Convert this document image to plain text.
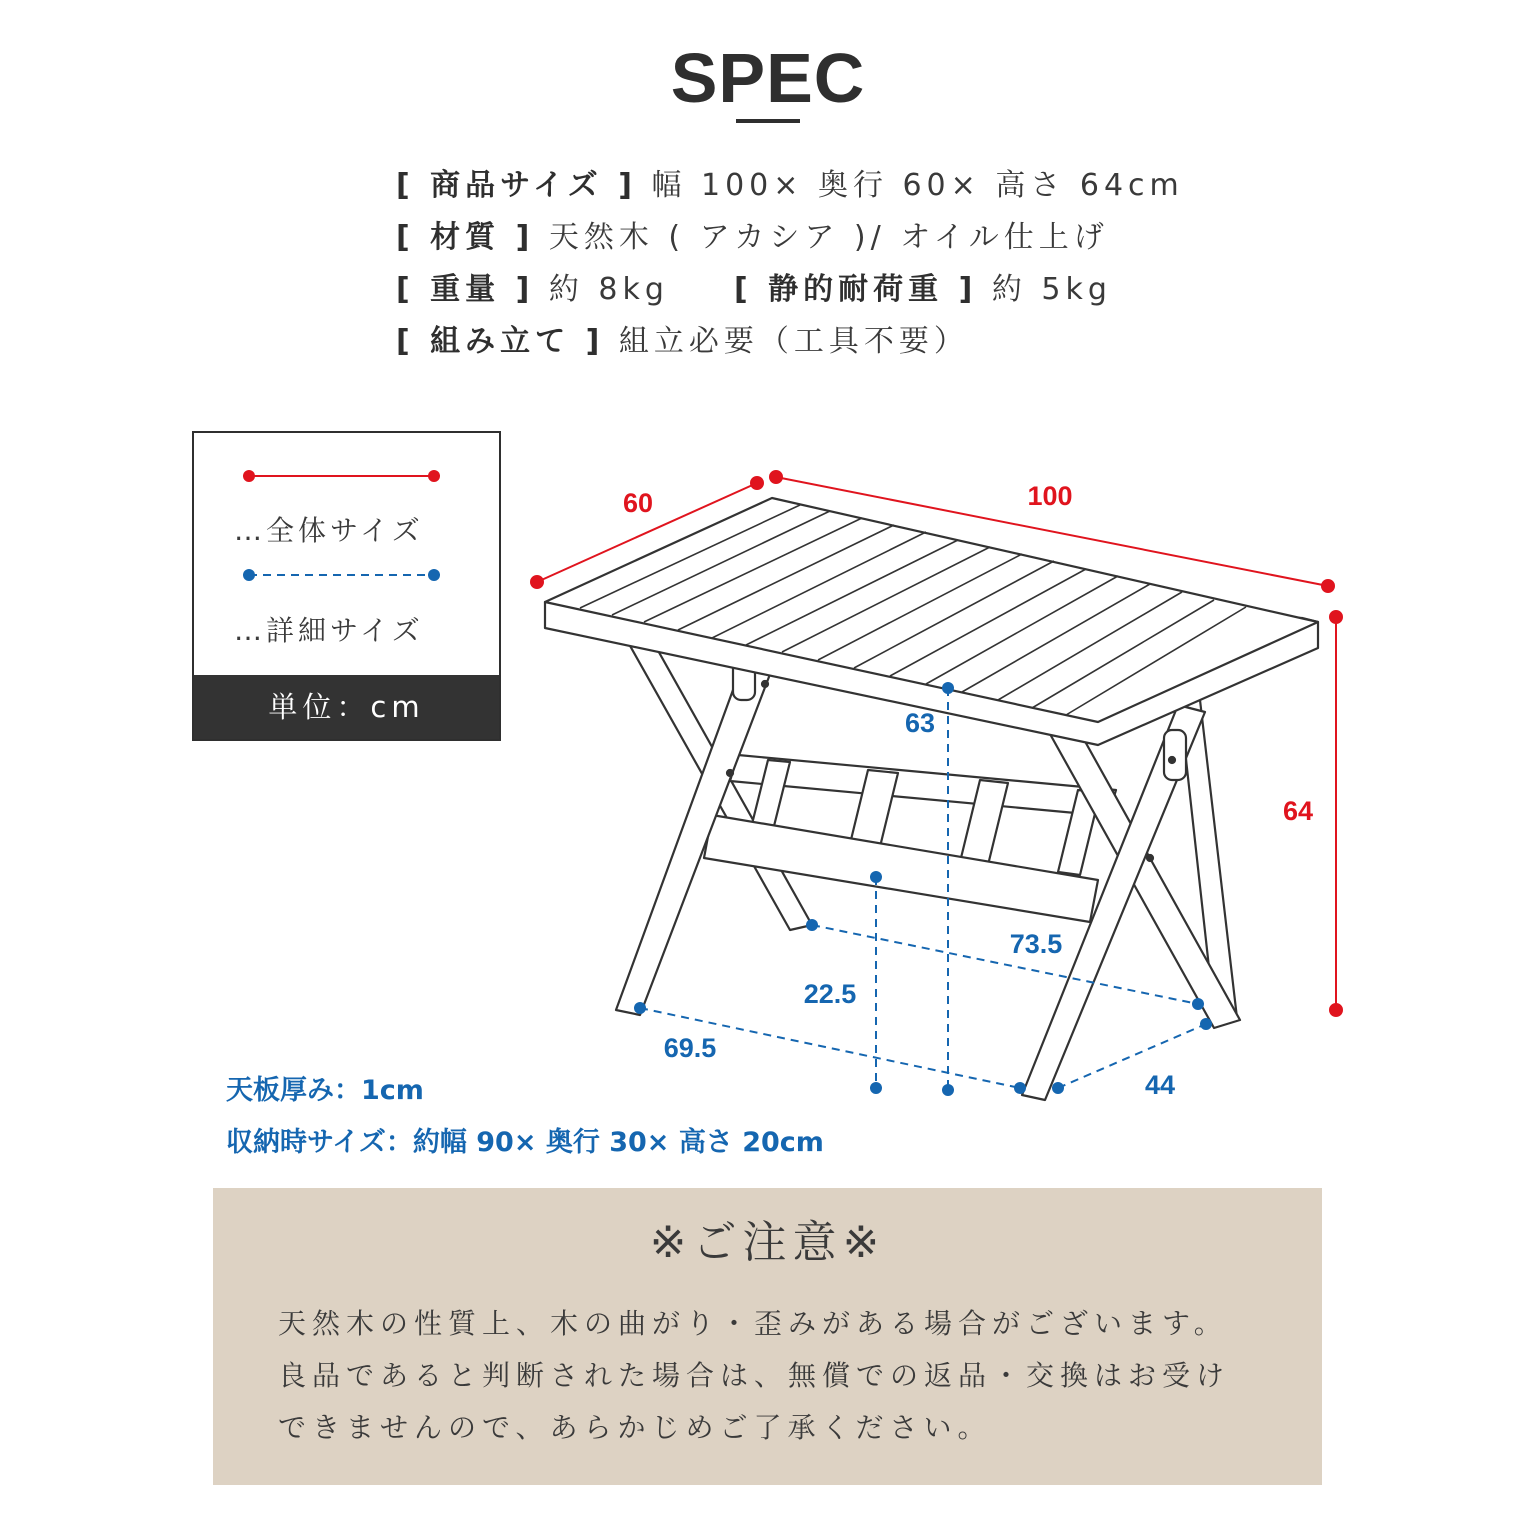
SPEC
[ 商品サイズ ] 幅 100× 奥行 60× 高さ 64cm
[ 材質 ] 天然木 ( アカシア )/ オイル仕上げ
[ 重量 ] 約 8kg [ 静的耐荷重 ] 約 5kg
[ 組み立て ] 組立必要（工具不要）
…全体サイズ
…詳細サイズ
単位：cm
60	100
64
63
22.5
73.5
69.5
44
天板厚み：1cm
収納時サイズ：約幅 90× 奥行 30× 高さ 20cm
※ご注意※
天然木の性質上、木の曲がり・歪みがある場合がございます。
良品であると判断された場合は、無償での返品・交換はお受け
できませんので、あらかじめご了承ください。
